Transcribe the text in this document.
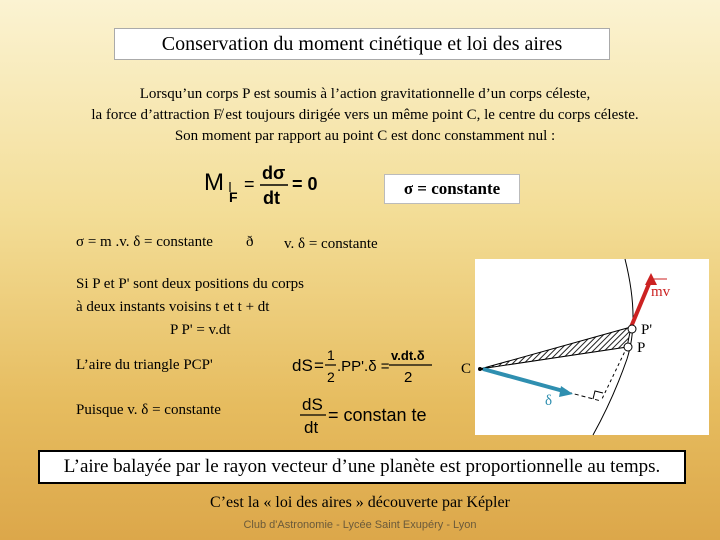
Conservation du moment cinétique et loi des aires
Lorsqu’un corps P est soumis à l’action gravitationnelle d’un corps céleste,
la force d’attraction F̸ est toujours dirigée vers un même point C, le centre du corps céleste.
Son moment par rapport au point C est donc constamment nul :
M
F
=
dσ
dt
= 0	σ = constante
σ = m .v. δ = constante ð v. δ = constante
Si P et P' sont deux positions du corps
à deux instants voisins t et t + dt
P P' = v.dt
L’aire du triangle PCP'	dS =
1
2
.PP'.δ =
v.dt.δ
2
Puisque v. δ = constante	dS
dt
= constan te
mv
P'
P
C
δ
L’aire balayée par le rayon vecteur d’une planète est proportionnelle au temps.
C’est la « loi des aires » découverte par Képler
Club d'Astronomie - Lycée Saint Exupéry - Lyon
